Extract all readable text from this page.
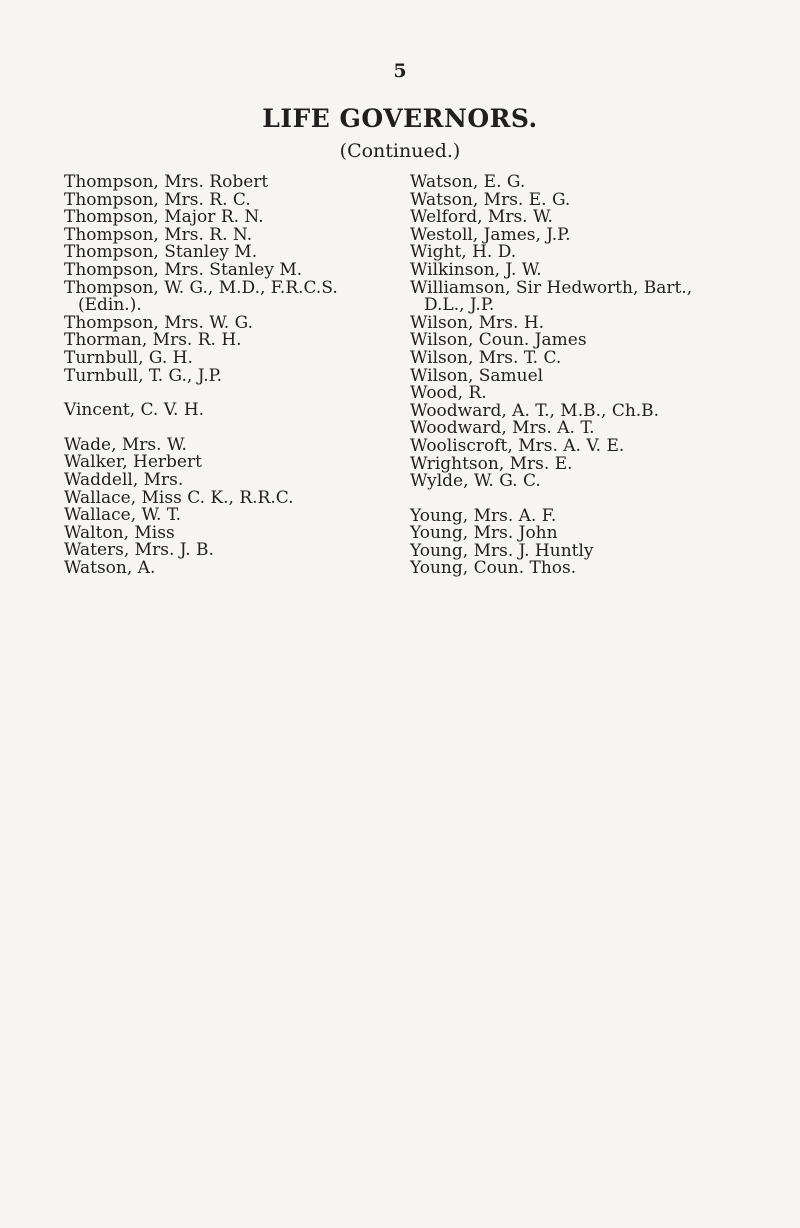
5
LIFE GOVERNORS.
(Continued.)
Thompson, Mrs. Robert
Thompson, Mrs. R. C.
Thompson, Major R. N.
Thompson, Mrs. R. N.
Thompson, Stanley M.
Thompson, Mrs. Stanley M.
Thompson, W. G., M.D., F.R.C.S.
(Edin.).
Thompson, Mrs. W. G.
Thorman, Mrs. R. H.
Turnbull, G. H.
Turnbull, T. G., J.P.
Vincent, C. V. H.
Wade, Mrs. W.
Walker, Herbert
Waddell, Mrs.
Wallace, Miss C. K., R.R.C.
Wallace, W. T.
Walton, Miss
Waters, Mrs. J. B.
Watson, A.
Watson, E. G.
Watson, Mrs. E. G.
Welford, Mrs. W.
Westoll, James, J.P.
Wight, H. D.
Wilkinson, J. W.
Williamson, Sir Hedworth, Bart.,
D.L., J.P.
Wilson, Mrs. H.
Wilson, Coun. James
Wilson, Mrs. T. C.
Wilson, Samuel
Wood, R.
Woodward, A. T., M.B., Ch.B.
Woodward, Mrs. A. T.
Wooliscroft, Mrs. A. V. E.
Wrightson, Mrs. E.
Wylde, W. G. C.
Young, Mrs. A. F.
Young, Mrs. John
Young, Mrs. J. Huntly
Young, Coun. Thos.
